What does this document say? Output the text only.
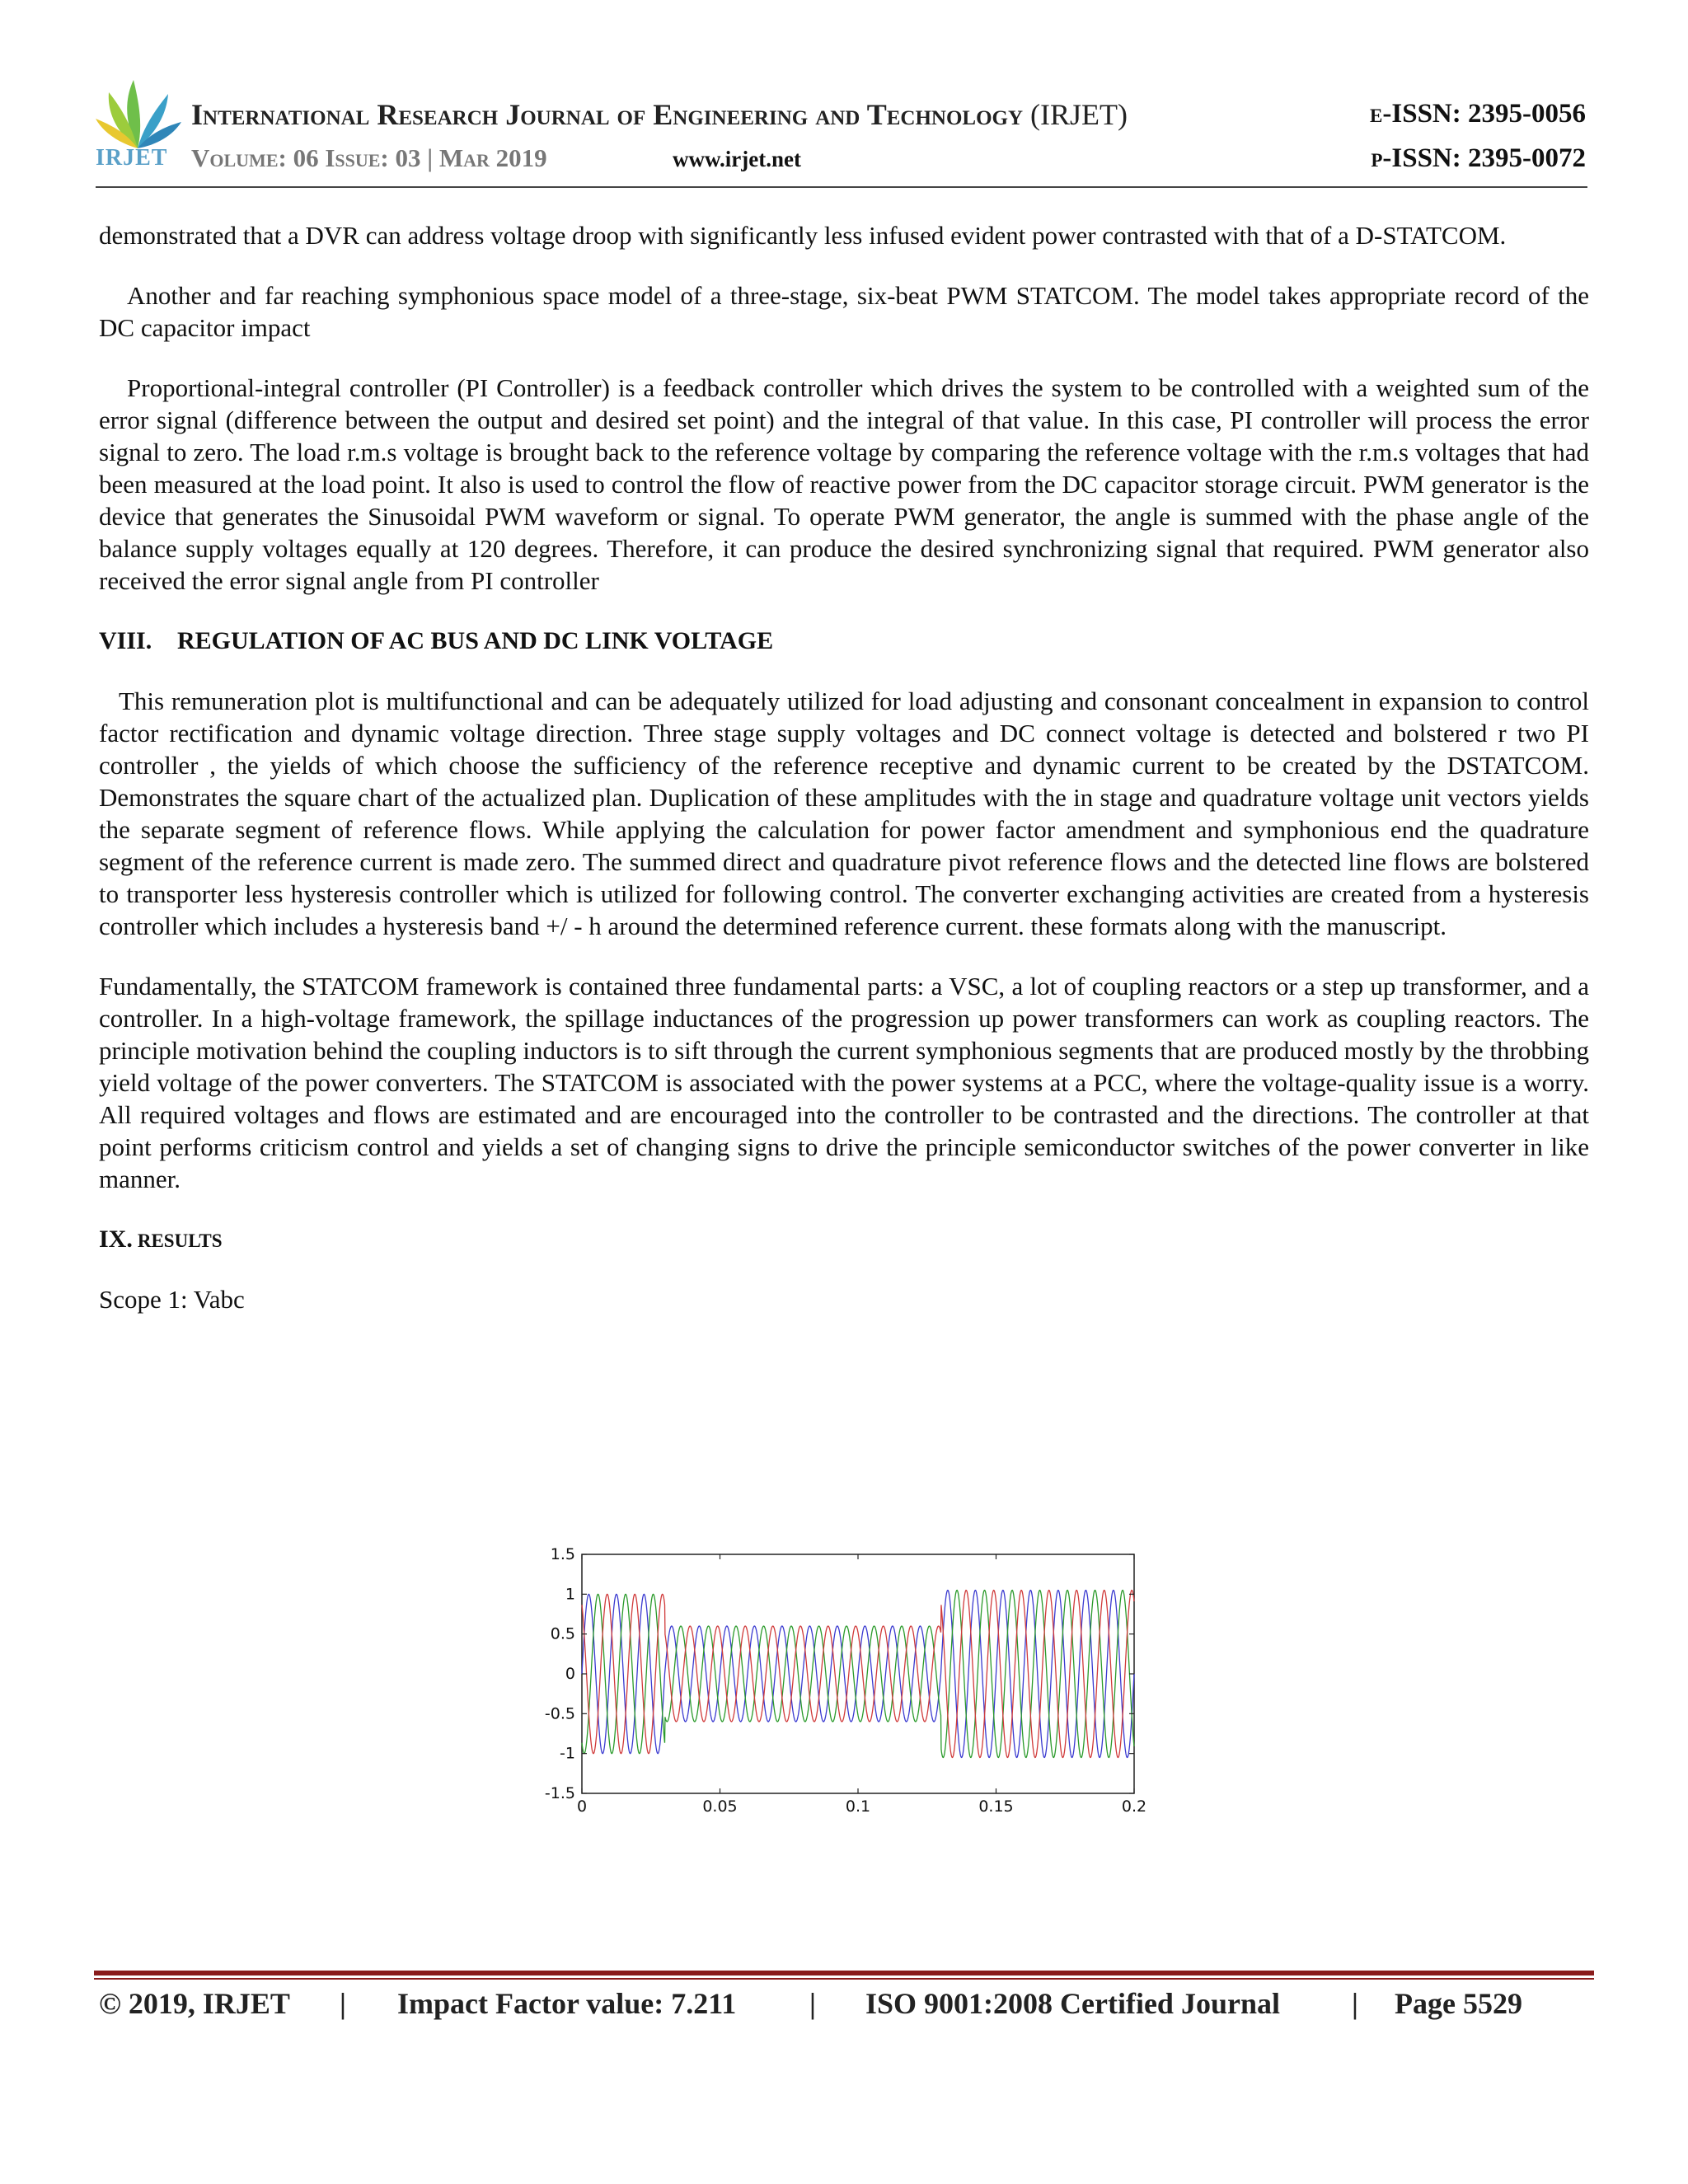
IRJET
International Research Journal of Engineering and Technology (IRJET)
Volume: 06 Issue: 03 | Mar 2019	www.irjet.net
e-ISSN: 2395-0056
p-ISSN: 2395-0072

demonstrated that a DVR can address voltage droop with significantly less infused evident power contrasted with that of a D-STATCOM.

Another and far reaching symphonious space model of a three-stage, six-beat PWM STATCOM. The model takes appropriate record of the DC capacitor impact

Proportional-integral controller (PI Controller) is a feedback controller which drives the system to be controlled with a weighted sum of the error signal (difference between the output and desired set point) and the integral of that value. In this case, PI controller will process the error signal to zero. The load r.m.s voltage is brought back to the reference voltage by comparing the reference voltage with the r.m.s voltages that had been measured at the load point. It also is used to control the flow of reactive power from the DC capacitor storage circuit. PWM generator is the device that generates the Sinusoidal PWM waveform or signal. To operate PWM generator, the angle is summed with the phase angle of the balance supply voltages equally at 120 degrees. Therefore, it can produce the desired synchronizing signal that required. PWM generator also received the error signal angle from PI controller

VIII. REGULATION OF AC BUS AND DC LINK VOLTAGE

This remuneration plot is multifunctional and can be adequately utilized for load adjusting and consonant concealment in expansion to control factor rectification and dynamic voltage direction. Three stage supply voltages and DC connect voltage is detected and bolstered r two PI controller , the yields of which choose the sufficiency of the reference receptive and dynamic current to be created by the DSTATCOM. Demonstrates the square chart of the actualized plan. Duplication of these amplitudes with the in stage and quadrature voltage unit vectors yields the separate segment of reference flows. While applying the calculation for power factor amendment and symphonious end the quadrature segment of the reference current is made zero. The summed direct and quadrature pivot reference flows and the detected line flows are bolstered to transporter less hysteresis controller which is utilized for following control. The converter exchanging activities are created from a hysteresis controller which includes a hysteresis band +/ - h around the determined reference current. these formats along with the manuscript.

Fundamentally, the STATCOM framework is contained three fundamental parts: a VSC, a lot of coupling reactors or a step up transformer, and a controller. In a high-voltage framework, the spillage inductances of the progression up power transformers can work as coupling reactors. The principle motivation behind the coupling inductors is to sift through the current symphonious segments that are produced mostly by the throbbing yield voltage of the power converters. The STATCOM is associated with the power systems at a PCC, where the voltage-quality issue is a worry. All required voltages and flows are estimated and are encouraged into the controller to be contrasted and the directions. The controller at that point performs criticism control and yields a set of changing signs to drive the principle semiconductor switches of the power converter in like manner.

IX. RESULTS

Scope 1: Vabc

0	0.05	0.1	0.15	0.2
1.5
1
0.5
0
-0.5
-1
-1.5
© 2019, IRJET | Impact Factor value: 7.211 | ISO 9001:2008 Certified Journal | Page 5529
